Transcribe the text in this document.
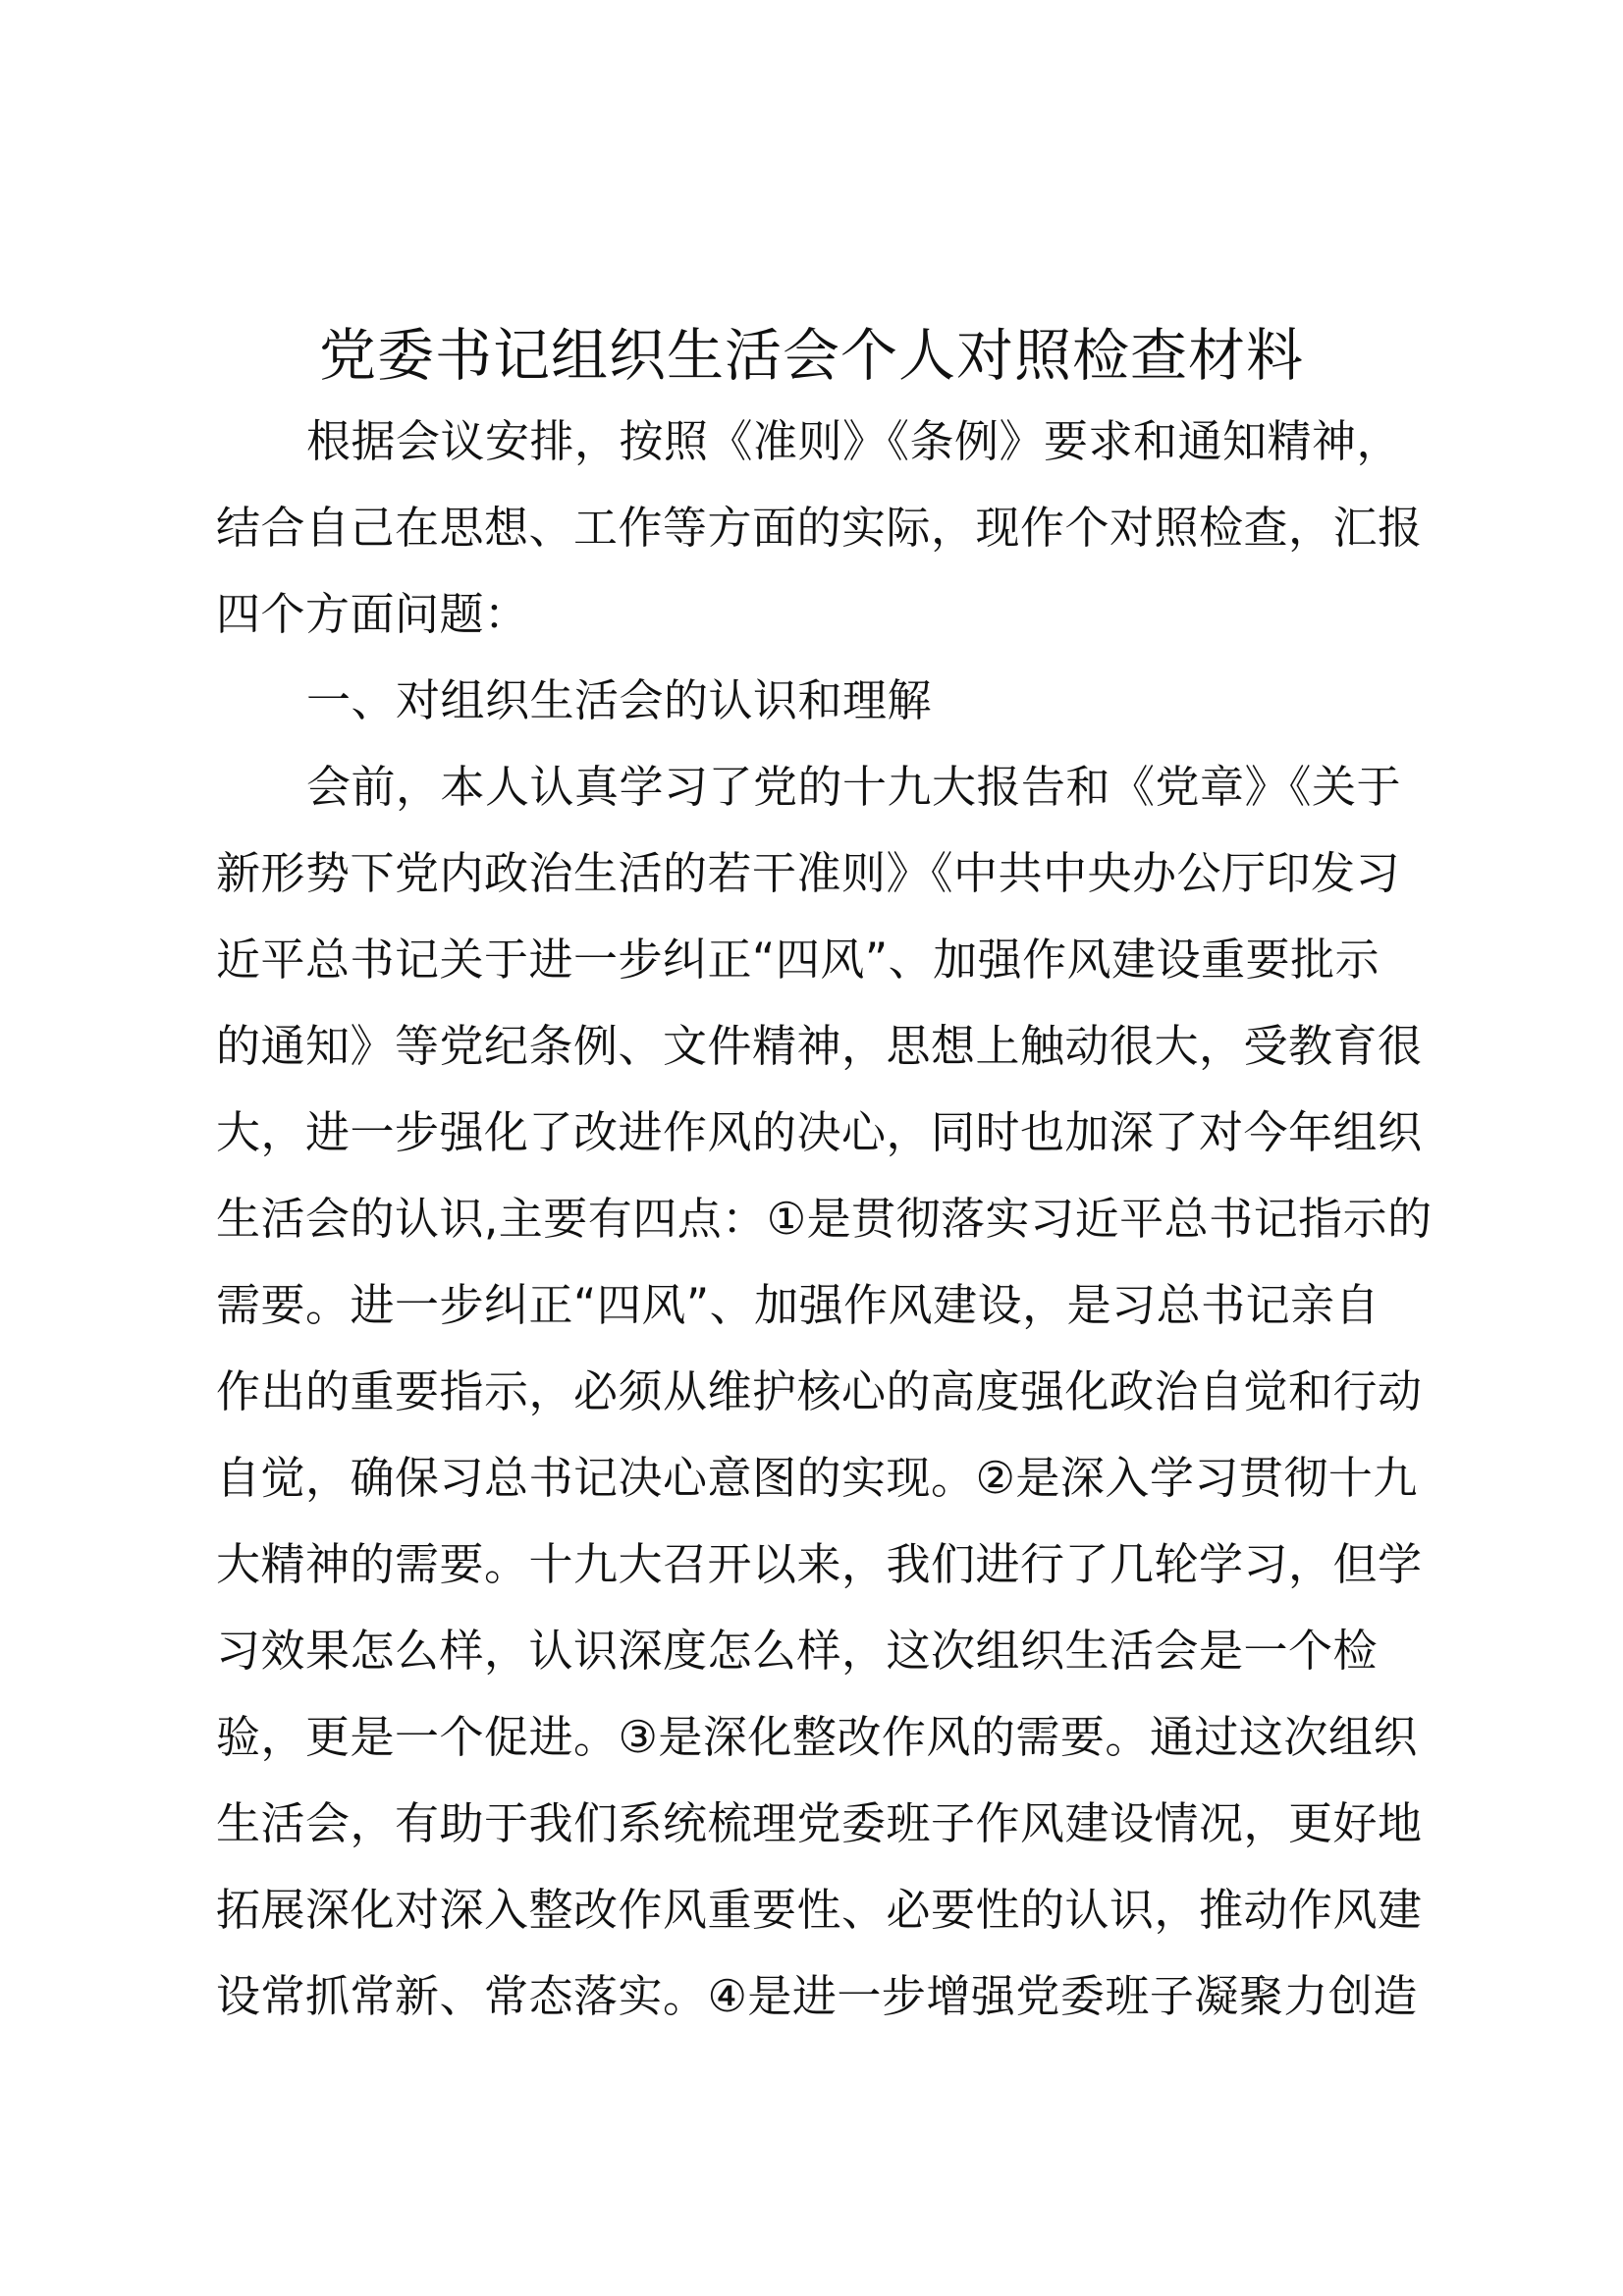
党委书记组织生活会个人对照检查材料
根据会议安排，按照《准则》《条例》要求和通知精神，
结合自己在思想、工作等方面的实际，现作个对照检查，汇报
四个方面问题：
一、对组织生活会的认识和理解
会前，本人认真学习了党的十九大报告和《党章》《关于
新形势下党内政治生活的若干准则》《中共中央办公厅印发习
近平总书记关于进一步纠正“四风”、加强作风建设重要批示
的通知》等党纪条例、文件精神，思想上触动很大，受教育很
大，进一步强化了改进作风的决心，同时也加深了对今年组织
生活会的认识,主要有四点：①是贯彻落实习近平总书记指示的
需要。进一步纠正“四风”、加强作风建设，是习总书记亲自
作出的重要指示，必须从维护核心的高度强化政治自觉和行动
自觉，确保习总书记决心意图的实现。②是深入学习贯彻十九
大精神的需要。十九大召开以来，我们进行了几轮学习，但学
习效果怎么样，认识深度怎么样，这次组织生活会是一个检
验，更是一个促进。③是深化整改作风的需要。通过这次组织
生活会，有助于我们系统梳理党委班子作风建设情况，更好地
拓展深化对深入整改作风重要性、必要性的认识，推动作风建
设常抓常新、常态落实。④是进一步增强党委班子凝聚力创造
